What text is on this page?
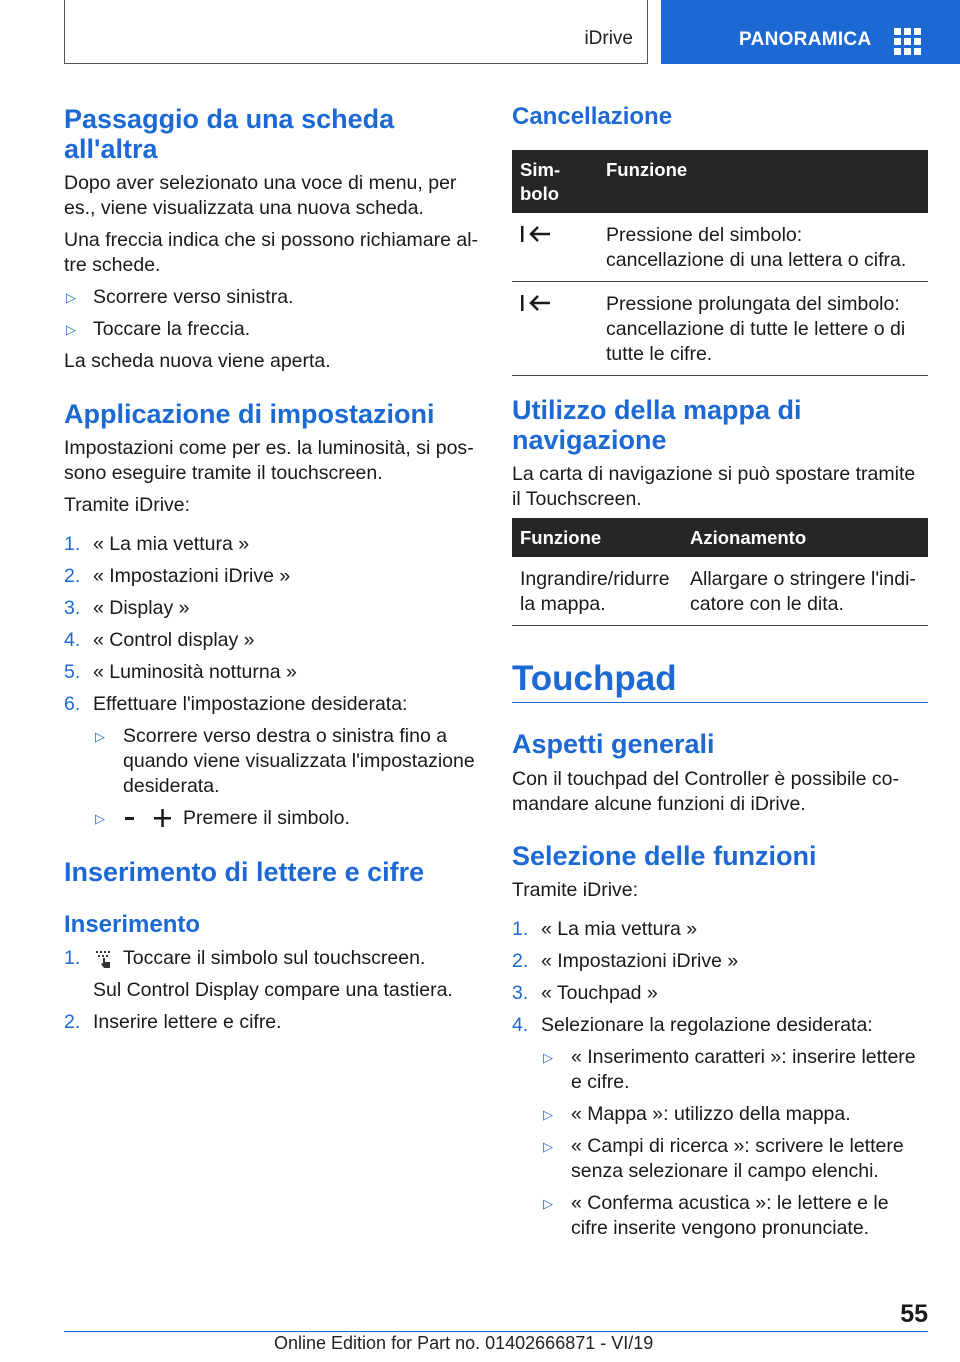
iDrive	PANORAMICA
Passaggio da una scheda all'altra

Dopo aver selezionato una voce di menu, per es., viene visualizzata una nuova scheda.

Una freccia indica che si possono richiamare altre schede.

▷ Scorrere verso sinistra.
▷ Toccare la freccia.

La scheda nuova viene aperta.

Applicazione di impostazioni

Impostazioni come per es. la luminosità, si possono eseguire tramite il touchscreen.

Tramite iDrive:

1. « La mia vettura »
2. « Impostazioni iDrive »
3. « Display »
4. « Control display »
5. « Luminosità notturna »
6. Effettuare l'impostazione desiderata:
▷ Scorrere verso destra o sinistra fino a quando viene visualizzata l'impostazione desiderata.
▷	Premere il simbolo.
Inserimento di lettere e cifre
Inserimento
1. Toccare il simbolo sul touchscreen.
Sul Control Display compare una tastiera.
2. Inserire lettere e cifre.
Cancellazione
Simbolo	Funzione
	Pressione del simbolo: cancellazione di una lettera o cifra.
	Pressione prolungata del simbolo: cancellazione di tutte le lettere o di tutte le cifre.
Utilizzo della mappa di navigazione

La carta di navigazione si può spostare tramite il Touchscreen.

Funzione	Azionamento
Ingrandire/ridurre la mappa.	Allargare o stringere l'indicatore con le dita.
Touchpad
Aspetti generali

Con il touchpad del Controller è possibile comandare alcune funzioni di iDrive.

Selezione delle funzioni

Tramite iDrive:

1. « La mia vettura »
2. « Impostazioni iDrive »
3. « Touchpad »
4. Selezionare la regolazione desiderata:
▷ « Inserimento caratteri »: inserire lettere e cifre.
▷ « Mappa »: utilizzo della mappa.
▷ « Campi di ricerca »: scrivere le lettere senza selezionare il campo elenchi.
▷ « Conferma acustica »: le lettere e le cifre inserite vengono pronunciate.
55
Online Edition for Part no. 01402666871 - VI/19
